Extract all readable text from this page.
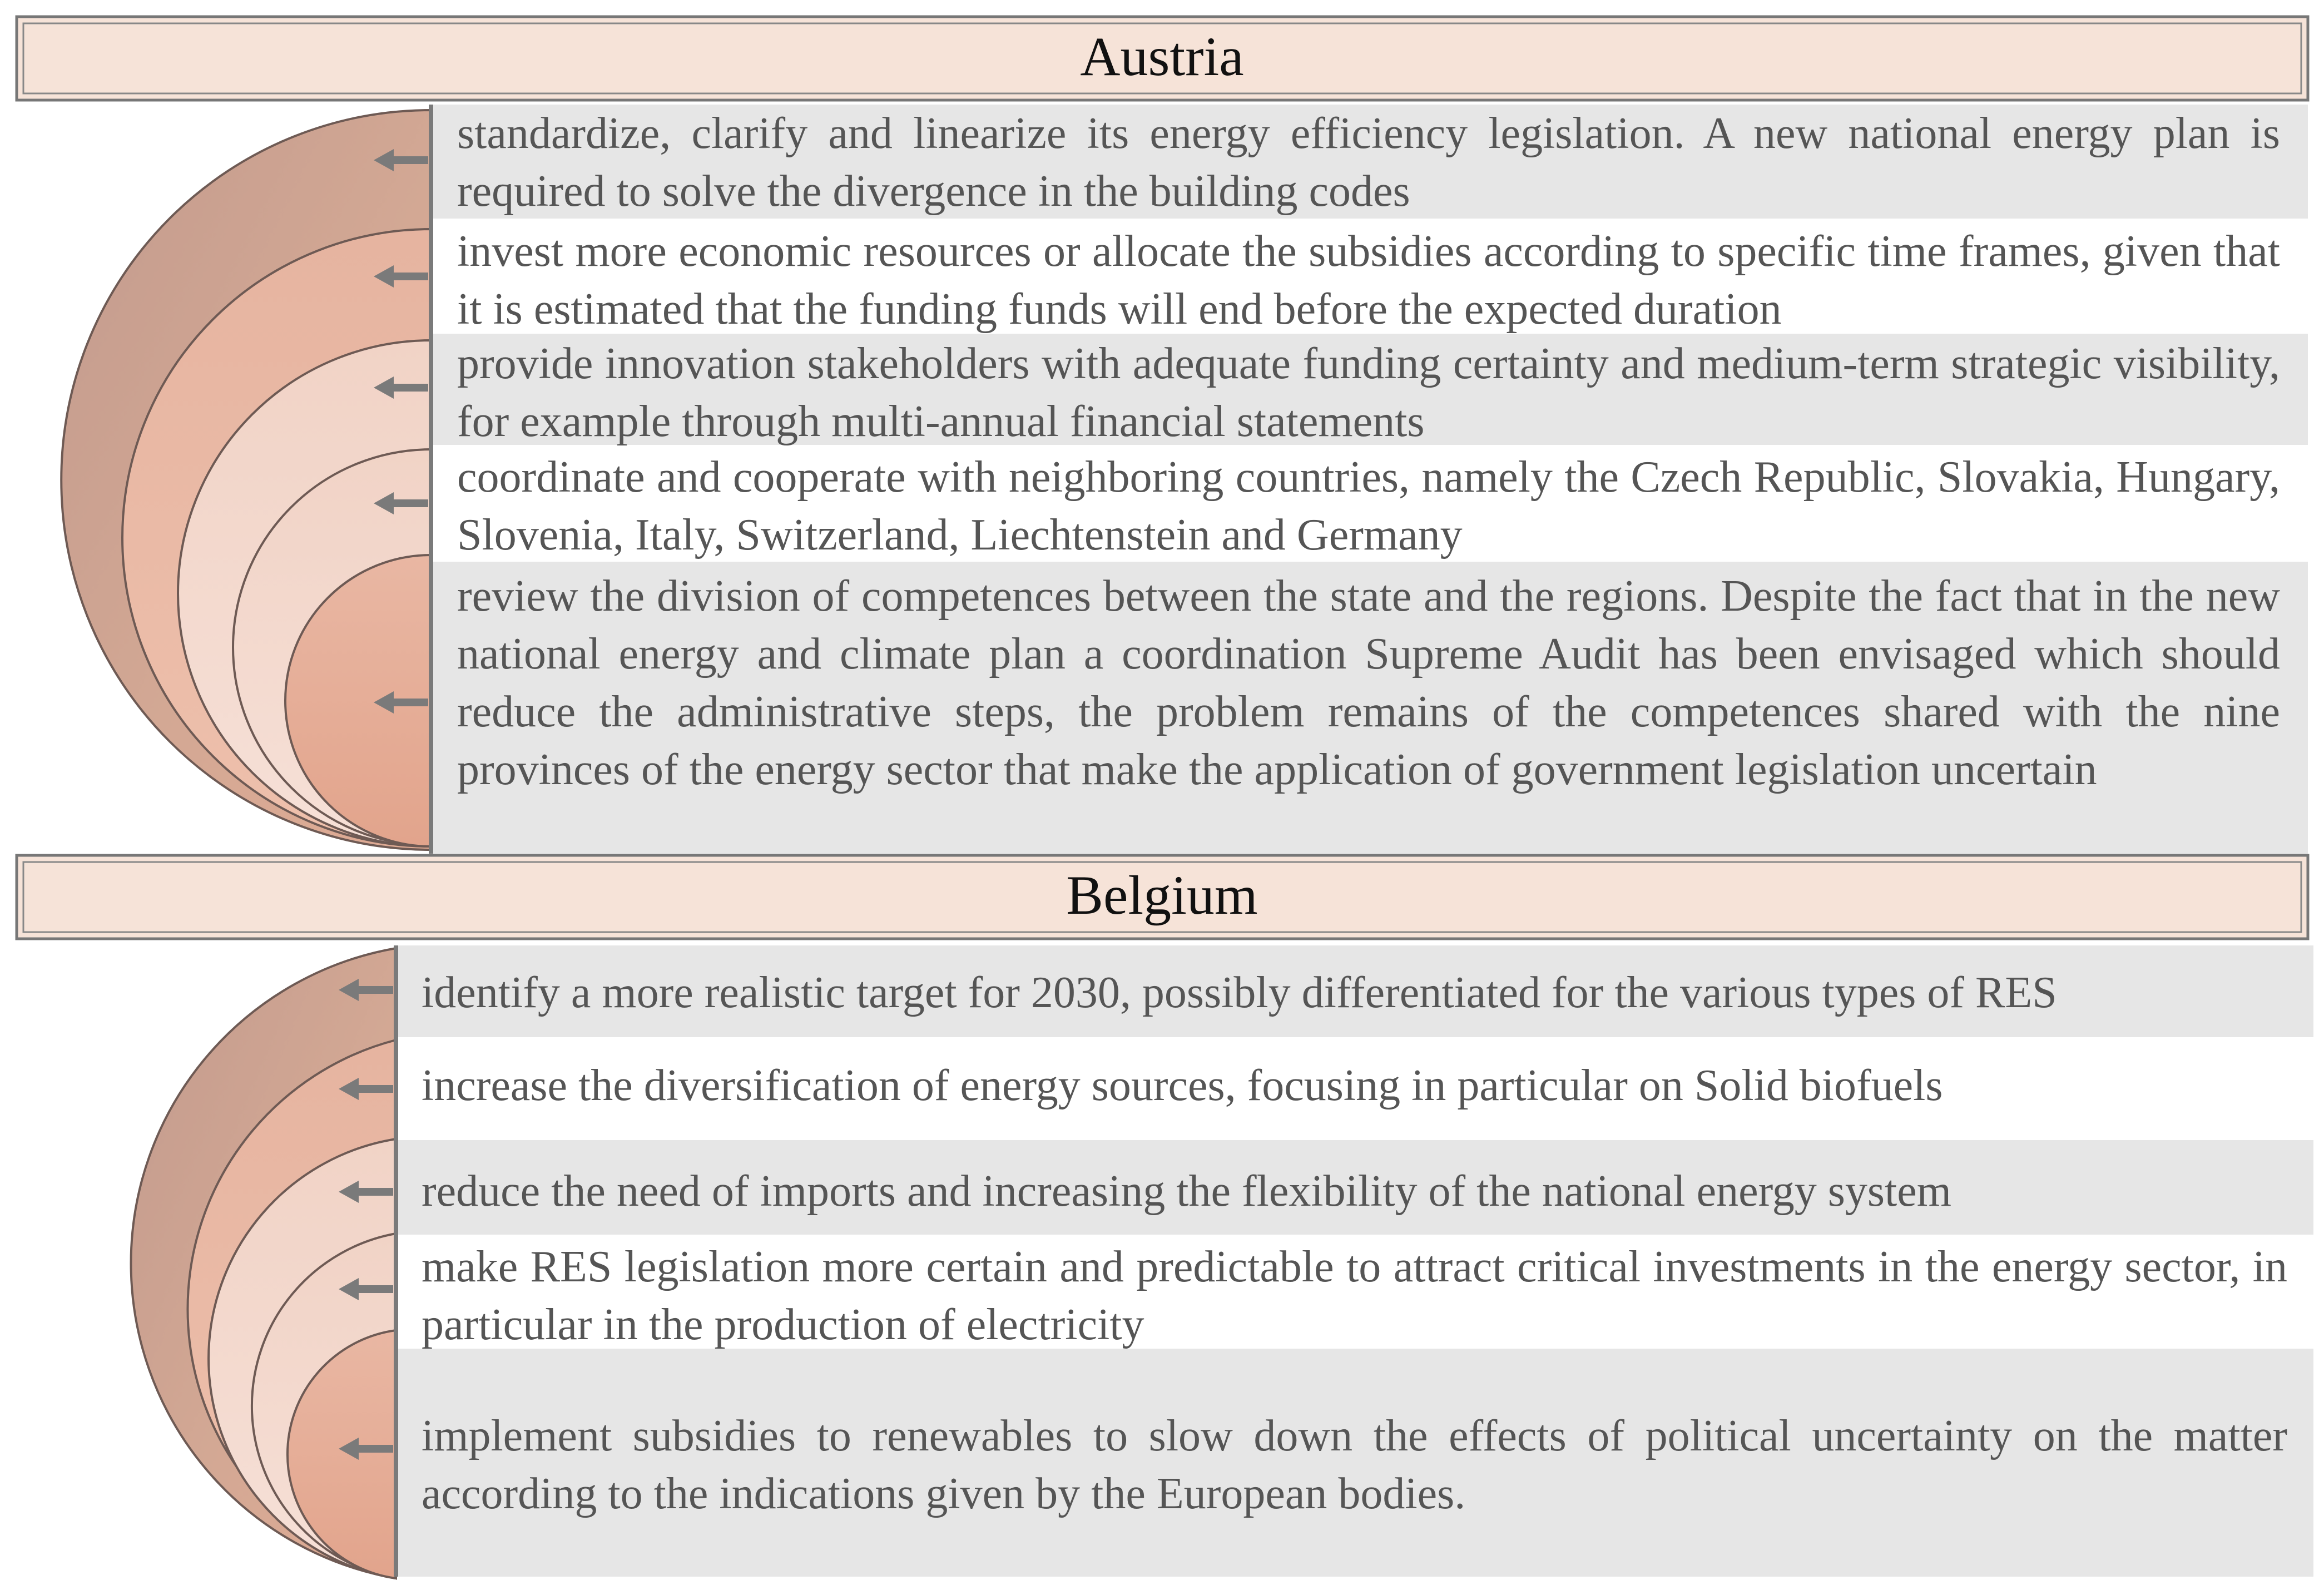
Austria
Belgium

standardize, clarify and linearize its energy efficiency legislation. A new national energy plan is required to solve the divergence in the building codes

invest more economic resources or allocate the subsidies according to specific time frames, given that it is estimated that the funding funds will end before the expected duration

provide innovation stakeholders with adequate funding certainty and medium-term strategic visibility, for example through multi-annual financial statements

coordinate and cooperate with neighboring countries, namely the Czech Republic, Slovakia, Hungary, Slovenia, Italy, Switzerland, Liechtenstein and Germany

review the division of competences between the state and the regions. Despite the fact that in the new national energy and climate plan a coordination Supreme Audit has been envisaged which should reduce the administrative steps, the problem remains of the competences shared with the nine provinces of the energy sector that make the application of government legislation uncertain

identify a more realistic target for 2030, possibly differentiated for the various types of RES

increase the diversification of energy sources, focusing in particular on Solid biofuels

reduce the need of imports and increasing the flexibility of the national energy system

make RES legislation more certain and predictable to attract critical investments in the energy sector, in particular in the production of electricity

implement subsidies to renewables to slow down the effects of political uncertainty on the matter according to the indications given by the European bodies.
